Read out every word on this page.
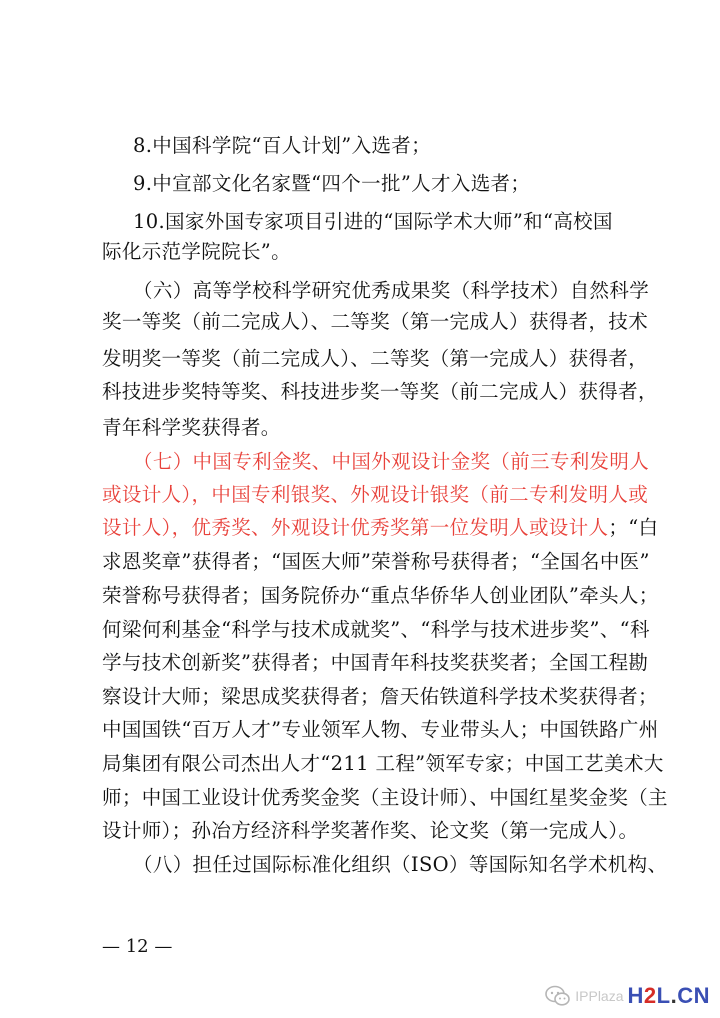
8.中国科学院“百人计划”入选者；
9.中宣部文化名家暨“四个一批”人才入选者；
10.国家外国专家项目引进的“国际学术大师”和“高校国
际化示范学院院长”。
（六）高等学校科学研究优秀成果奖（科学技术）自然科学
奖一等奖（前二完成人）、二等奖（第一完成人）获得者，技术
发明奖一等奖（前二完成人）、二等奖（第一完成人）获得者，
科技进步奖特等奖、科技进步奖一等奖（前二完成人）获得者，
青年科学奖获得者。
（七）中国专利金奖、中国外观设计金奖（前三专利发明人
或设计人），中国专利银奖、外观设计银奖（前二专利发明人或
设计人），优秀奖、外观设计优秀奖第一位发明人或设计人；“白
求恩奖章”获得者；“国医大师”荣誉称号获得者；“全国名中医”
荣誉称号获得者；国务院侨办“重点华侨华人创业团队”牵头人；
何梁何利基金“科学与技术成就奖”、“科学与技术进步奖”、“科
学与技术创新奖”获得者；中国青年科技奖获奖者；全国工程勘
察设计大师；梁思成奖获得者；詹天佑铁道科学技术奖获得者；
中国国铁“百万人才”专业领军人物、专业带头人；中国铁路广州
局集团有限公司杰出人才“211 工程”领军专家；中国工艺美术大
师；中国工业设计优秀奖金奖（主设计师）、中国红星奖金奖（主
设计师）；孙冶方经济科学奖著作奖、论文奖（第一完成人）。
（八）担任过国际标准化组织（ISO）等国际知名学术机构、
— 12 —
IPPlaza H2L.CN
